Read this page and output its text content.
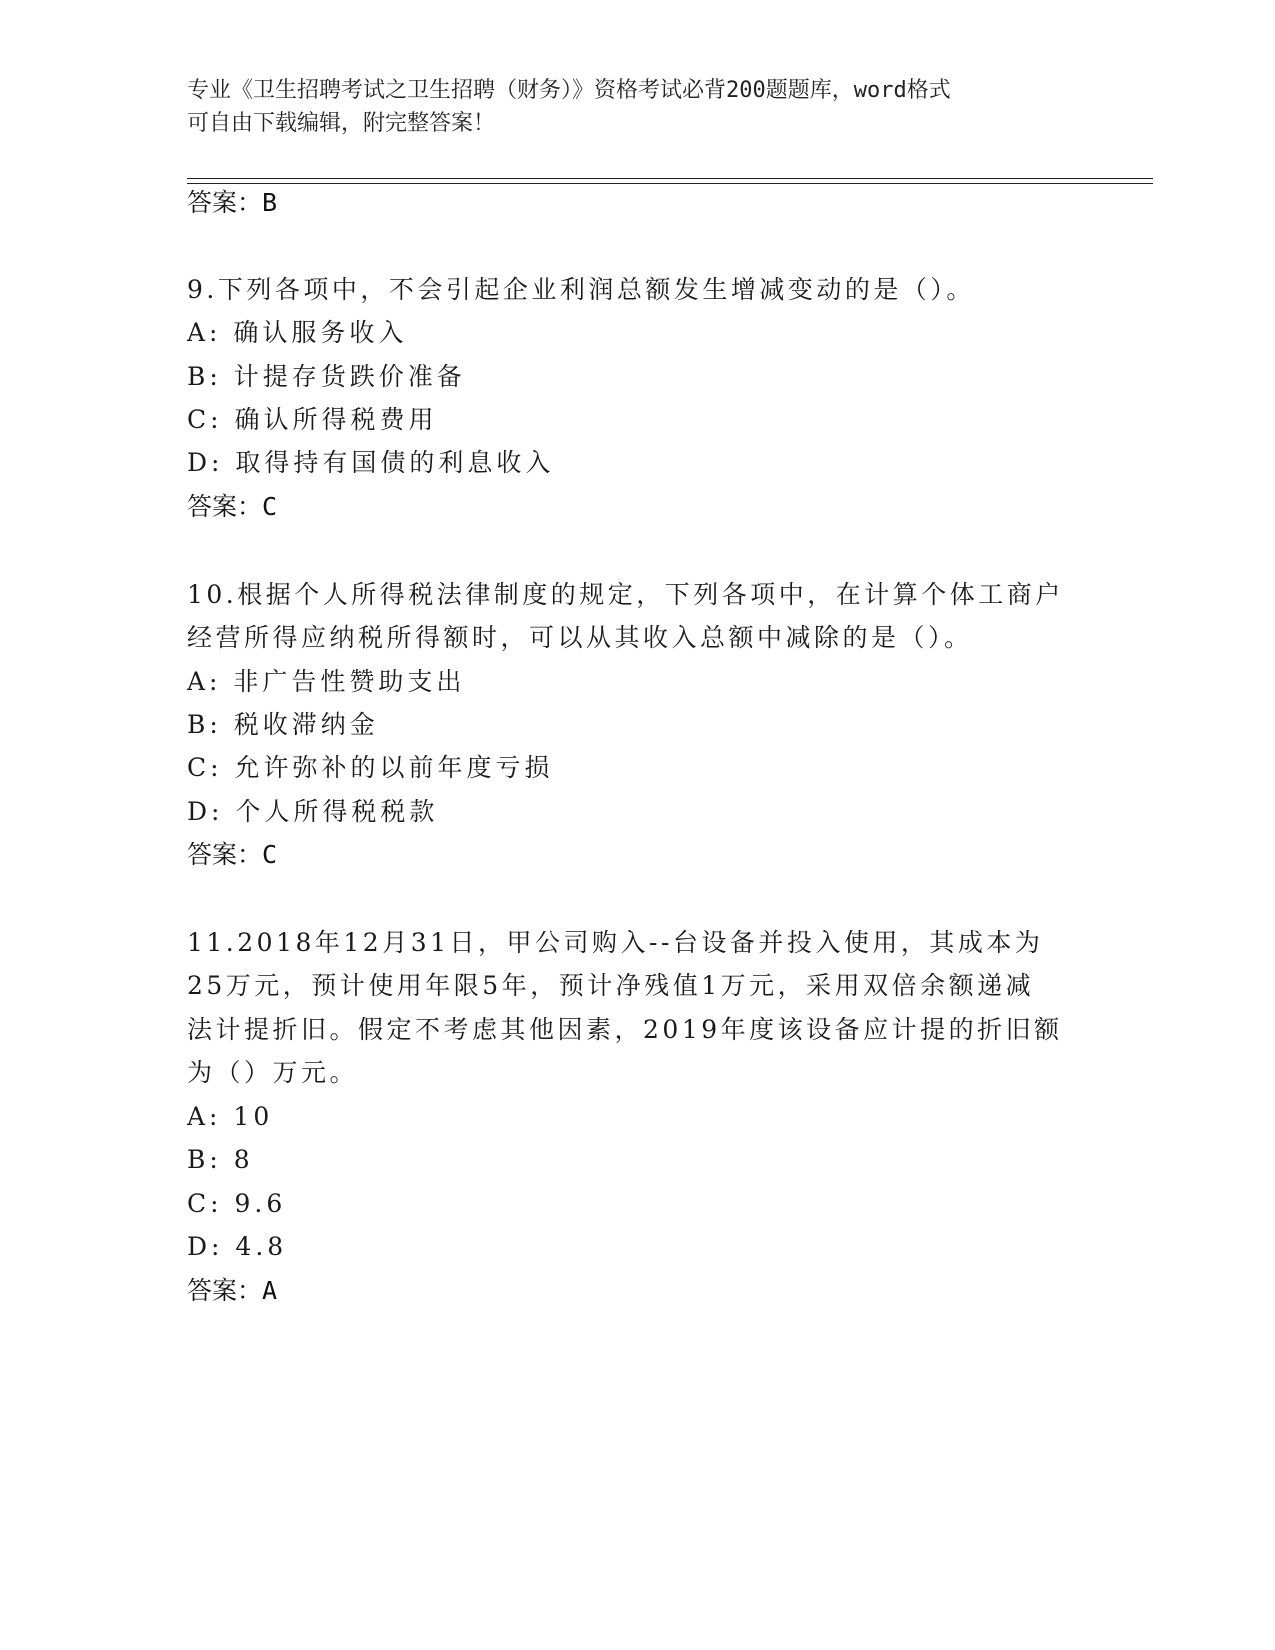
专业《卫生招聘考试之卫生招聘（财务）》资格考试必背200题题库，word格式
可自由下载编辑，附完整答案！
答案：B
9.下列各项中，不会引起企业利润总额发生增减变动的是（）。
A: 确认服务收入
B: 计提存货跌价准备
C: 确认所得税费用
D: 取得持有国债的利息收入
答案：C
10.根据个人所得税法律制度的规定，下列各项中，在计算个体工商户
经营所得应纳税所得额时，可以从其收入总额中减除的是（）。
A: 非广告性赞助支出
B: 税收滞纳金
C: 允许弥补的以前年度亏损
D: 个人所得税税款
答案：C
11.2018年12月31日，甲公司购入--台设备并投入使用，其成本为
25万元，预计使用年限5年，预计净残值1万元，采用双倍余额递减
法计提折旧。假定不考虑其他因素，2019年度该设备应计提的折旧额
为（）万元。
A: 10
B: 8
C: 9.6
D: 4.8
答案：A
